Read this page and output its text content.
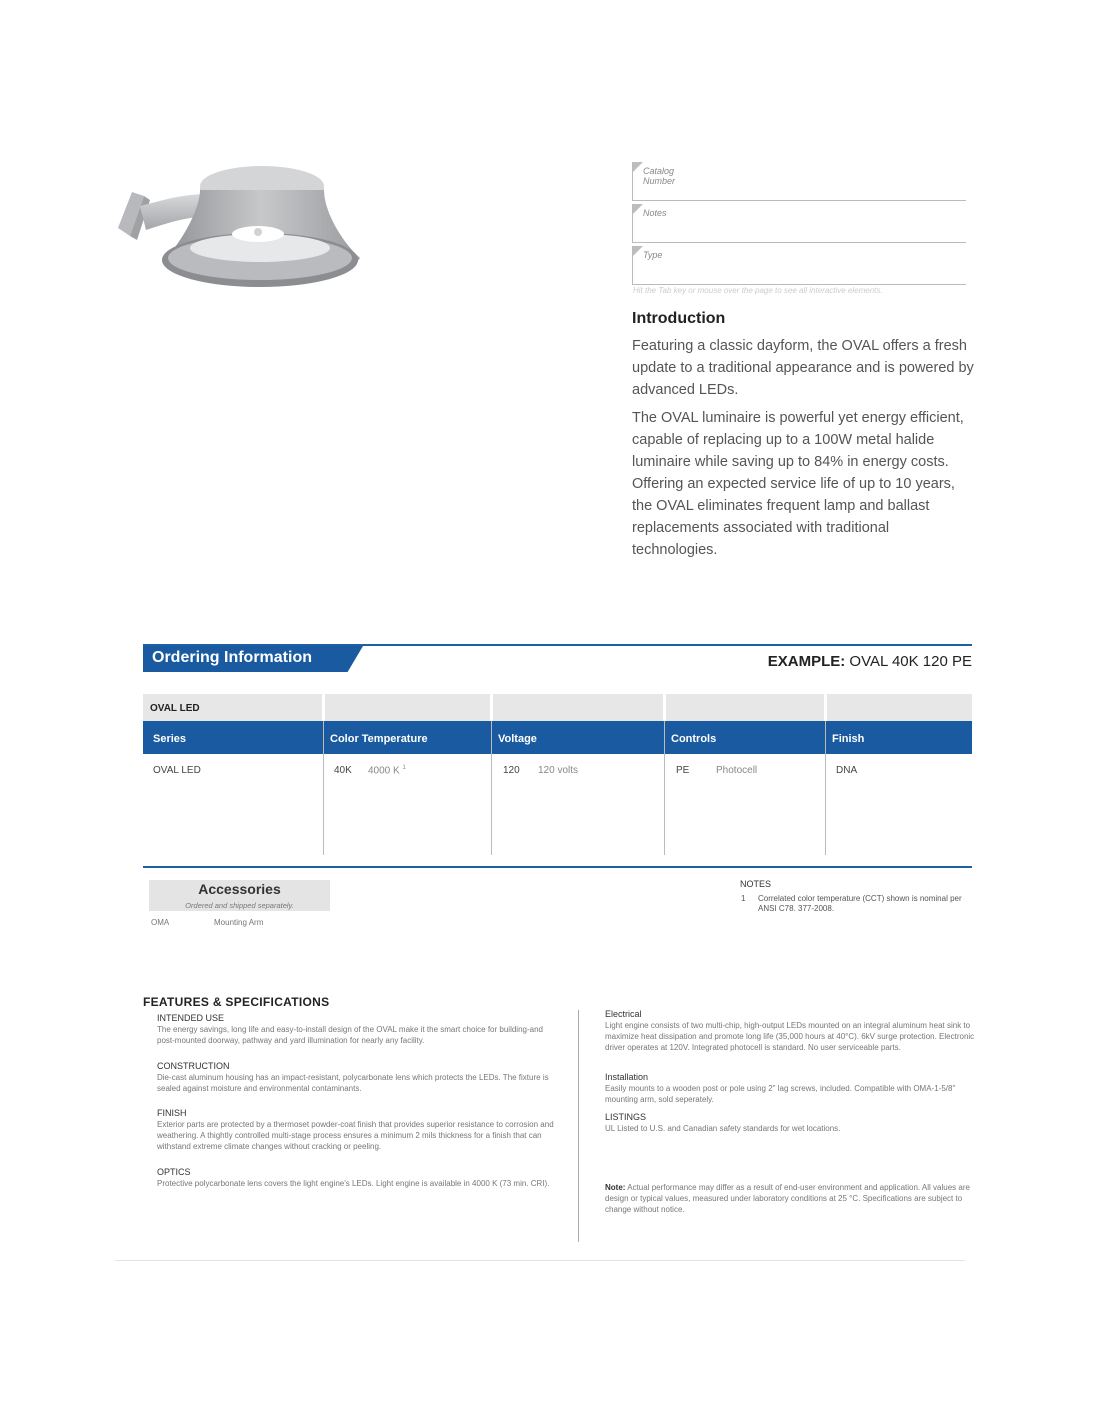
Catalog Number
Notes
Type
Hit the Tab key or mouse over the page to see all interactive elements.
Introduction
Featuring a classic dayform, the OVAL offers a fresh update to a traditional appearance and is powered by advanced LEDs.
The OVAL luminaire is powerful yet energy efficient, capable of replacing up to a 100W metal halide luminaire while saving up to 84% in energy costs. Offering an expected service life of up to 10 years, the OVAL eliminates frequent lamp and ballast replacements associated with traditional technologies.
Ordering Information	EXAMPLE: OVAL 40K 120 PE
OVAL LED
Series	Color Temperature	Voltage	Controls	Finish
OVAL LED	40K 4000 K $^1$	120 120 volts	PE	Photocell	DNA
Accessories
Ordered and shipped separately.
OMA	Mounting Arm
NOTES
1 Correlated color temperature (CCT) shown is nominal per ANSI C78. 377-2008.
FEATURES & SPECIFICATIONS
INTENDED USE
The energy savings, long life and easy-to-install design of the OVAL make it the smart choice for building-and post-mounted doorway, pathway and yard illumination for nearly any facility.
CONSTRUCTION
Die-cast aluminum housing has an impact-resistant, polycarbonate lens which protects the LEDs. The fixture is sealed against moisture and environmental contaminants.
FINISH
Exterior parts are protected by a thermoset powder-coat finish that provides superior resistance to corrosion and weathering. A thightly controlled multi-stage process ensures a minimum 2 mils thickness for a finish that can withstand extreme climate changes without cracking or peeling.
OPTICS
Protective polycarbonate lens covers the light engine's LEDs. Light engine is available in 4000 K (73 min. CRI).
Electrical
Light engine consists of two multi-chip, high-output LEDs mounted on an integral aluminum heat sink to maximize heat dissipation and promote long life (35,000 hours at 40°C). 6kV surge protection. Electronic driver operates at 120V. Integrated photocell is standard. No user serviceable parts.
Installation
Easily mounts to a wooden post or pole using 2" lag screws, included. Compatible with OMA-1-5/8" mounting arm, sold seperately.
LISTINGS
UL Listed to U.S. and Canadian safety standards for wet locations.
Note: Actual performance may differ as a result of end-user environment and application. All values are design or typical values, measured under laboratory conditions at 25 °C. Specifications are subject to change without notice.
